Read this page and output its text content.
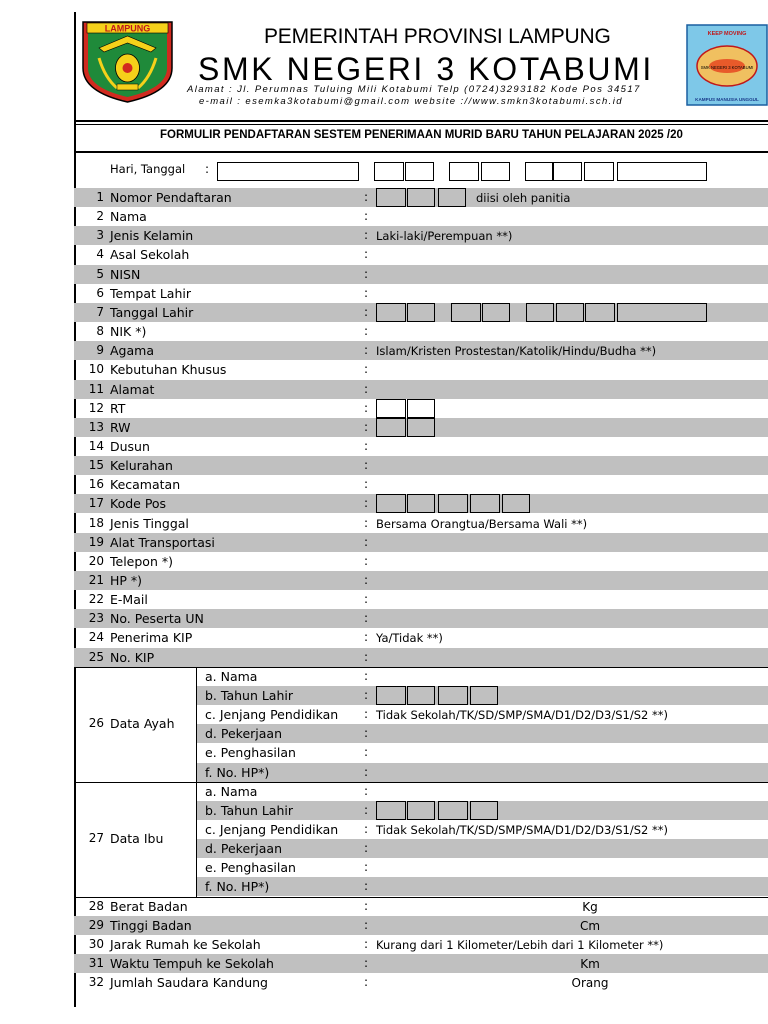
LAMPUNG	PEMERINTAH PROVINSI LAMPUNG
SMK NEGERI 3 KOTABUMI
Alamat : Jl. Perumnas Tuluing Mili Kotabumi Telp (0724)3293182 Kode Pos 34517
e-mail : esemka3kotabumi@gmail.com website ://www.smkn3kotabumi.sch.id
KEEP MOVING
SMK NEGERI 3 KOTABUMI
KAMPUS MANUSIA UNGGUL
FORMULIR PENDAFTARAN SESTEM PENERIMAAN MURID BARU TAHUN PELAJARAN 2025 /20
Hari, Tanggal :
1 Nomor Pendaftaran	:	diisi oleh panitia
2 Nama	:
3 Jenis Kelamin	: Laki-laki/Perempuan **)
4 Asal Sekolah	:
5 NISN	:
6 Tempat Lahir	:
7 Tanggal Lahir	:
8 NIK *)	:
9 Agama	: Islam/Kristen Prostestan/Katolik/Hindu/Budha **)
10 Kebutuhan Khusus	:
11 Alamat	:
12 RT	:
13 RW	:
14 Dusun	:
15 Kelurahan	:
16 Kecamatan	:
17 Kode Pos	:
18 Jenis Tinggal	: Bersama Orangtua/Bersama Wali **)
19 Alat Transportasi	:
20 Telepon *)	:
21 HP *)	:
22 E-Mail	:
23 No. Peserta UN	:
24 Penerima KIP	: Ya/Tidak **)
25 No. KIP	:
26 Data Ayah
a. Nama	:
b. Tahun Lahir	:
c. Jenjang Pendidikan : Tidak Sekolah/TK/SD/SMP/SMA/D1/D2/D3/S1/S2 **)
d. Pekerjaan	:
e. Penghasilan	:
f. No. HP*)	:
27 Data Ibu
a. Nama	:
b. Tahun Lahir	:
c. Jenjang Pendidikan : Tidak Sekolah/TK/SD/SMP/SMA/D1/D2/D3/S1/S2 **)
d. Pekerjaan	:
e. Penghasilan	:
f. No. HP*)	:
28 Berat Badan	:	Kg
29 Tinggi Badan	:	Cm
30 Jarak Rumah ke Sekolah	: Kurang dari 1 Kilometer/Lebih dari 1 Kilometer **)
31 Waktu Tempuh ke Sekolah	:	Km
32 Jumlah Saudara Kandung	:	Orang
